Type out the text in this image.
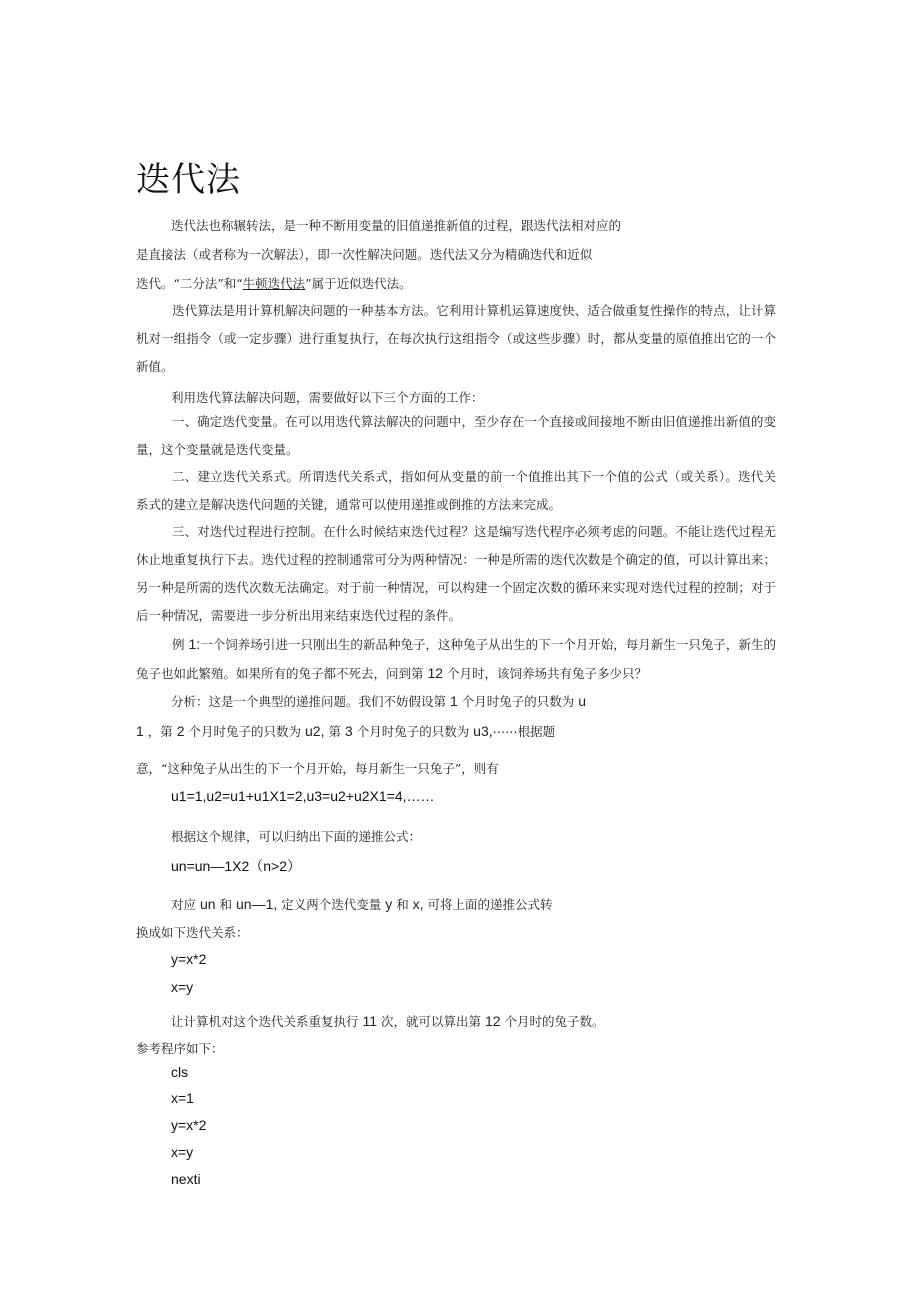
迭代法

迭代法也称辗转法，是一种不断用变量的旧值递推新值的过程，跟迭代法相对应的

是直接法（或者称为一次解法），即一次性解决问题。迭代法又分为精确迭代和近似

迭代。“二分法”和“牛顿迭代法”属于近似迭代法。

迭代算法是用计算机解决问题的一种基本方法。它利用计算机运算速度快、适合做重复性操作的特点，让计算机对一组指令（或一定步骤）进行重复执行，在每次执行这组指令（或这些步骤）时，都从变量的原值推出它的一个新值。

利用迭代算法解决问题，需要做好以下三个方面的工作：

一、确定迭代变量。在可以用迭代算法解决的问题中，至少存在一个直接或间接地不断由旧值递推出新值的变量，这个变量就是迭代变量。

二、建立迭代关系式。所谓迭代关系式，指如何从变量的前一个值推出其下一个值的公式（或关系）。迭代关系式的建立是解决迭代问题的关键，通常可以使用递推或倒推的方法来完成。

三、对迭代过程进行控制。在什么时候结束迭代过程？这是编写迭代程序必须考虑的问题。不能让迭代过程无休止地重复执行下去。迭代过程的控制通常可分为两种情况：一种是所需的迭代次数是个确定的值，可以计算出来；另一种是所需的迭代次数无法确定。对于前一种情况，可以构建一个固定次数的循环来实现对迭代过程的控制；对于后一种情况，需要进一步分析出用来结束迭代过程的条件。

例 1:一个饲养场引进一只刚出生的新品种兔子，这种兔子从出生的下一个月开始，每月新生一只兔子，新生的兔子也如此繁殖。如果所有的兔子都不死去，问到第 12 个月时，该饲养场共有兔子多少只？

分析：这是一个典型的递推问题。我们不妨假设第 1 个月时兔子的只数为 u

1 ，第 2 个月时兔子的只数为 u2, 第 3 个月时兔子的只数为 u3,⋯⋯根据题

意，“这种兔子从出生的下一个月开始，每月新生一只兔子”，则有

u1=1,u2=u1+u1X1=2,u3=u2+u2X1=4,……

根据这个规律，可以归纳出下面的递推公式：

un=un—1X2（n>2）

对应 un 和 un—1, 定义两个迭代变量 y 和 x, 可将上面的递推公式转

换成如下迭代关系：

y=x*2

x=y

让计算机对这个迭代关系重复执行 11 次，就可以算出第 12 个月时的兔子数。

参考程序如下：

cls

x=1

y=x*2

x=y

nexti
